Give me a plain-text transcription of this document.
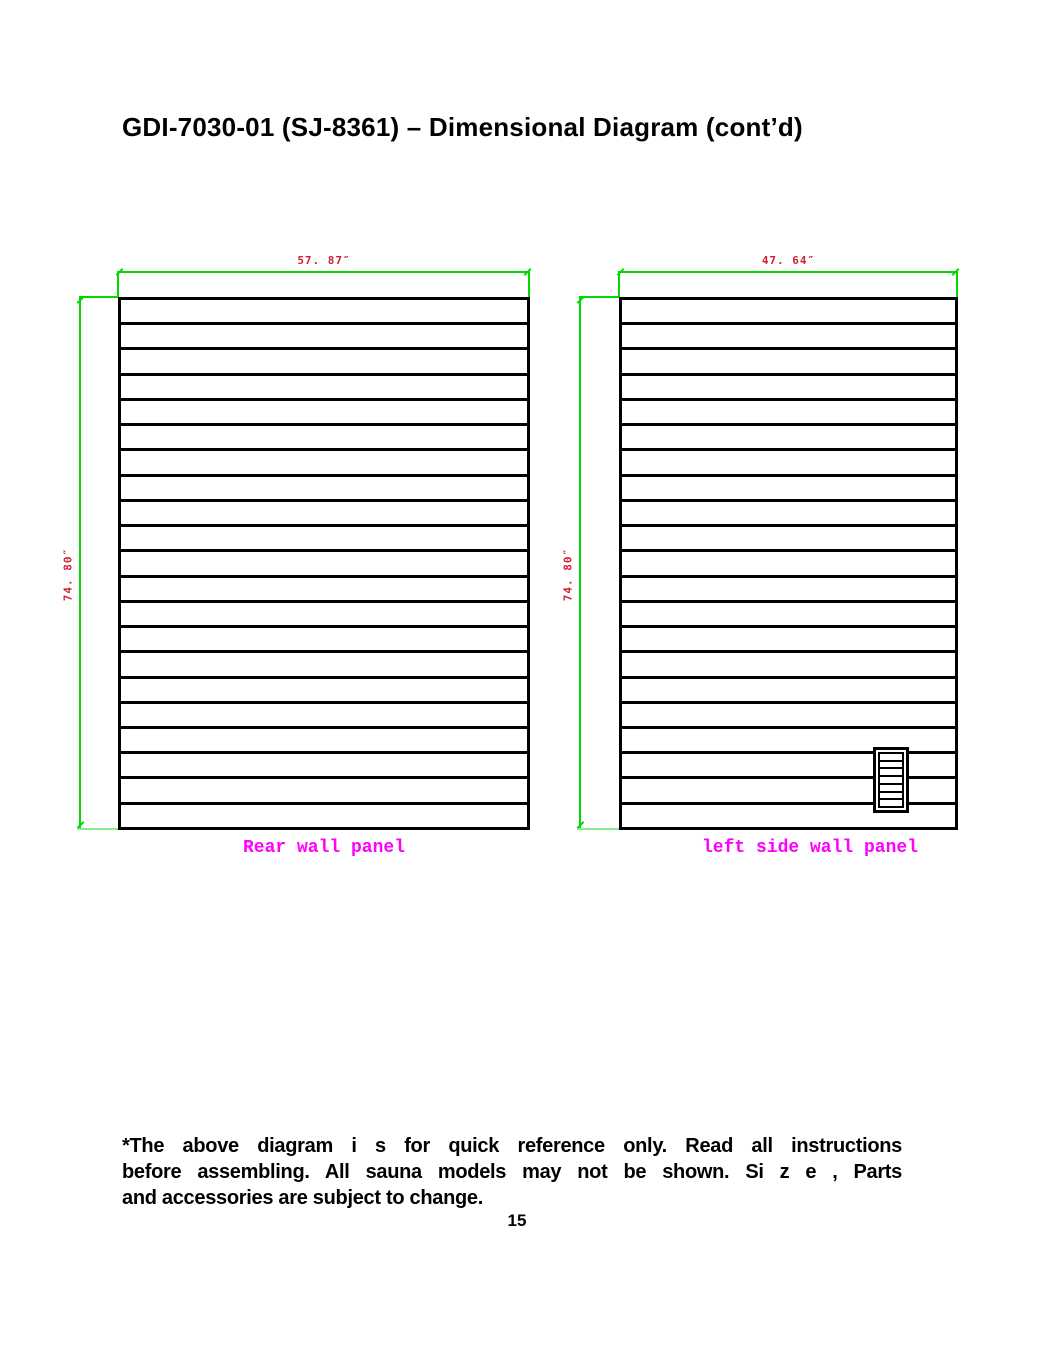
GDI-7030-01 (SJ-8361) – Dimensional Diagram (cont’d)
57. 87″
74. 80″
Rear wall panel
47. 64″
74. 80″
left side wall panel
*The above diagram i s for quick reference only. Read all instructions
before assembling. All sauna models may not be shown. Si z e , Parts
and accessories are subject to change.
15
